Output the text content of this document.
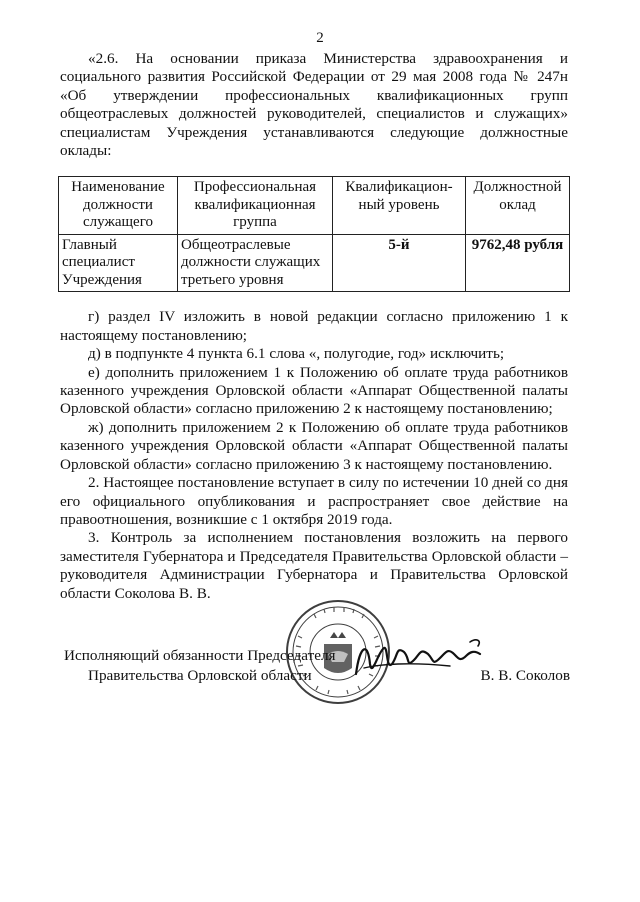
2

«2.6. На основании приказа Министерства здравоохранения и социального развития Российской Федерации от 29 мая 2008 года № 247н «Об утверждении профессиональных квалификационных групп общеотраслевых должностей руководителей, специалистов и служащих» специалистам Учреждения устанавливаются следующие должностные оклады:

Наименование должности служащего	Профессиональная квалификационная группа	Квалификацион-ный уровень	Должностной оклад
Главный специалист Учреждения	Общеотраслевые должности служащих третьего уровня	5-й	9762,48 рубля

г) раздел IV изложить в новой редакции согласно приложению 1 к настоящему постановлению;

д) в подпункте 4 пункта 6.1 слова «, полугодие, год» исключить;

е) дополнить приложением 1 к Положению об оплате труда работников казенного учреждения Орловской области «Аппарат Общественной палаты Орловской области» согласно приложению 2 к настоящему постановлению;

ж) дополнить приложением 2 к Положению об оплате труда работников казенного учреждения Орловской области «Аппарат Общественной палаты Орловской области» согласно приложению 3 к настоящему постановлению.

2. Настоящее постановление вступает в силу по истечении 10 дней со дня его официального опубликования и распространяет свое действие на правоотношения, возникшие с 1 октября 2019 года.

3. Контроль за исполнением постановления возложить на первого заместителя Губернатора и Председателя Правительства Орловской области – руководителя Администрации Губернатора и Правительства Орловской области Соколова В. В.

Исполняющий обязанности Председателя
Правительства Орловской области	В. В. Соколов
